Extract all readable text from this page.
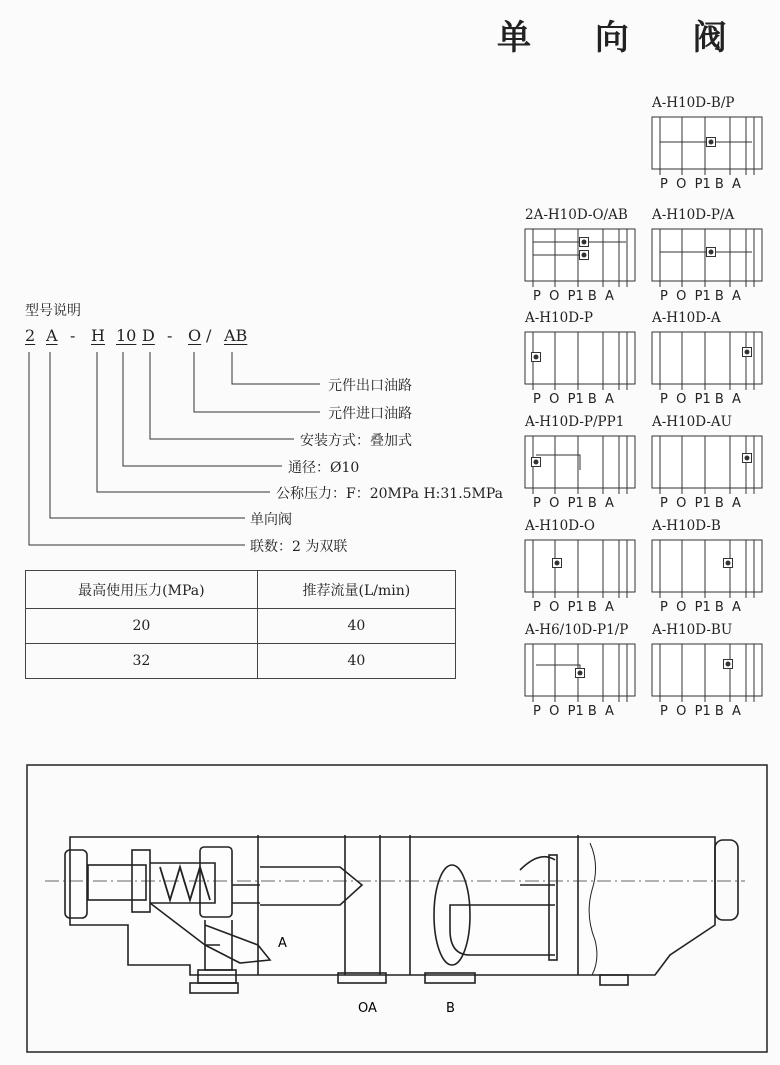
单 向 阀
A-H10D-B/P
P  O  P1 B  A
2A-H10D-O/AB
P  O  P1 B  A
A-H10D-P/A
P  O  P1 B  A
A-H10D-P
P  O  P1 B  A
A-H10D-A
P  O  P1 B  A
A-H10D-P/PP1
P  O  P1 B  A
A-H10D-AU
P  O  P1 B  A
A-H10D-O
P  O  P1 B  A
A-H10D-B
P  O  P1 B  A
A-H6/10D-P1/P
P  O  P1 B  A
A-H10D-BU
P  O  P1 B  A
型号说明
2 A - H 10 D - O / AB
元件出口油路
元件进口油路
安装方式：叠加式
通径：Ø10
公称压力：F：20MPa H:31.5MPa
单向阀
联数：2 为双联
最高使用压力(MPa)	推荐流量(L/min)
20	40
32	40
A
OA	B
